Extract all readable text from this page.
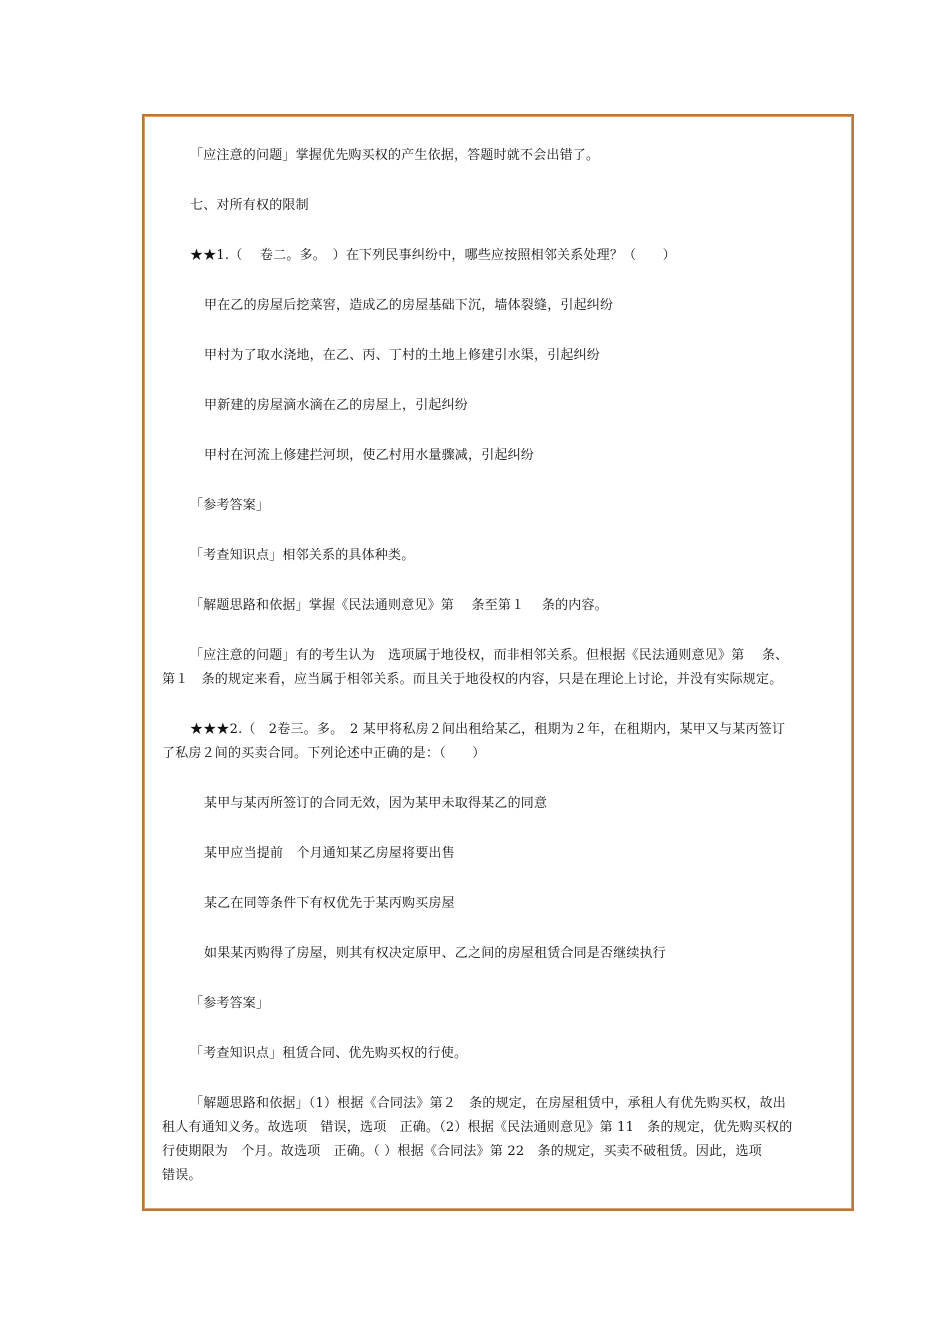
「应注意的问题」掌握优先购买权的产生依据，答题时就不会出错了。
七、对所有权的限制
★★1.（　 卷二。多。　）在下列民事纠纷中，哪些应按照相邻关系处理？（　　）
甲在乙的房屋后挖菜窖，造成乙的房屋基础下沉，墙体裂缝，引起纠纷
甲村为了取水浇地，在乙、丙、丁村的土地上修建引水渠，引起纠纷
甲新建的房屋滴水滴在乙的房屋上，引起纠纷
甲村在河流上修建拦河坝，使乙村用水量骤减，引起纠纷
「参考答案」
「考查知识点」相邻关系的具体种类。
「解题思路和依据」掌握《民法通则意见》第　 条至第１　 条的内容。
「应注意的问题」有的考生认为　选项属于地役权，而非相邻关系。但根据《民法通则意见》第　 条、
第１　条的规定来看，应当属于相邻关系。而且关于地役权的内容，只是在理论上讨论，并没有实际规定。
★★★2.（　2卷三。多。　2 某甲将私房２间出租给某乙，租期为２年，在租期内，某甲又与某丙签订
了私房２间的买卖合同。下列论述中正确的是：（　　）
某甲与某丙所签订的合同无效，因为某甲未取得某乙的同意
某甲应当提前　个月通知某乙房屋将要出售
某乙在同等条件下有权优先于某丙购买房屋
如果某丙购得了房屋，则其有权决定原甲、乙之间的房屋租赁合同是否继续执行
「参考答案」
「考查知识点」租赁合同、优先购买权的行使。
「解题思路和依据」（1）根据《合同法》第２　条的规定，在房屋租赁中，承租人有优先购买权，故出
租人有通知义务。故选项　错误，选项　正确。（2）根据《民法通则意见》第 11　条的规定，优先购买权的
行使期限为　个月。故选项　正确。（ ）根据《合同法》第 22　条的规定，买卖不破租赁。因此，选项
错误。
